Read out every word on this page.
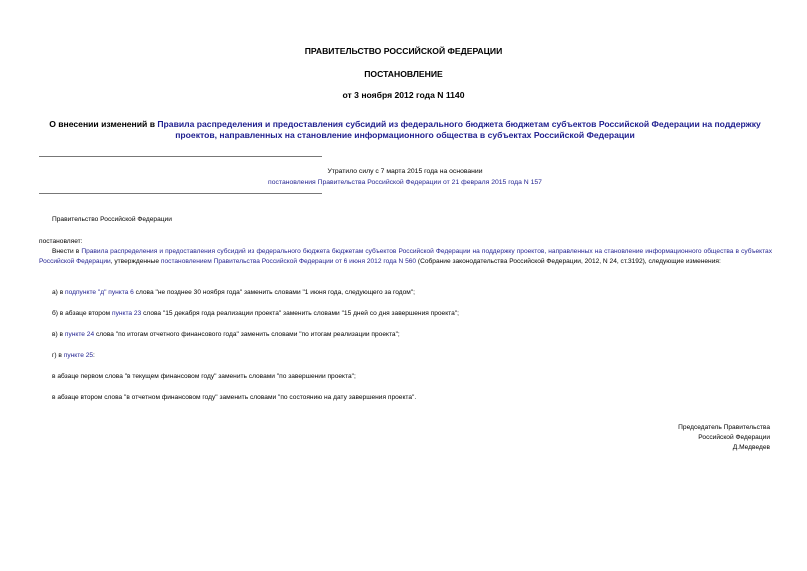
ПРАВИТЕЛЬСТВО РОССИЙСКОЙ ФЕДЕРАЦИИ
ПОСТАНОВЛЕНИЕ
от 3 ноября 2012 года N 1140
О внесении изменений в Правила распределения и предоставления субсидий из федерального бюджета бюджетам субъектов Российской Федерации на поддержку проектов, направленных на становление информационного общества в субъектах Российской Федерации
Утратило силу с 7 марта 2015 года на основании
постановления Правительства Российской Федерации от 21 февраля 2015 года N 157
Правительство Российской Федерации
постановляет:
Внести в Правила распределения и предоставления субсидий из федерального бюджета бюджетам субъектов Российской Федерации на поддержку проектов, направленных на становление информационного общества в субъектах Российской Федерации, утвержденные постановлением Правительства Российской Федерации от 6 июня 2012 года N 560 (Собрание законодательства Российской Федерации, 2012, N 24, ст.3192), следующие изменения:
а) в подпункте "д" пункта 6 слова "не позднее 30 ноября года" заменить словами "1 июня года, следующего за годом";
б) в абзаце втором пункта 23 слова "15 декабря года реализации проекта" заменить словами "15 дней со дня завершения проекта";
в) в пункте 24 слова "по итогам отчетного финансового года" заменить словами "по итогам реализации проекта";
г) в пункте 25:
в абзаце первом слова "в текущем финансовом году" заменить словами "по завершении проекта";
в абзаце втором слова "в отчетном финансовом году" заменить словами "по состоянию на дату завершения проекта".
Председатель Правительства
Российской Федерации
Д.Медведев
